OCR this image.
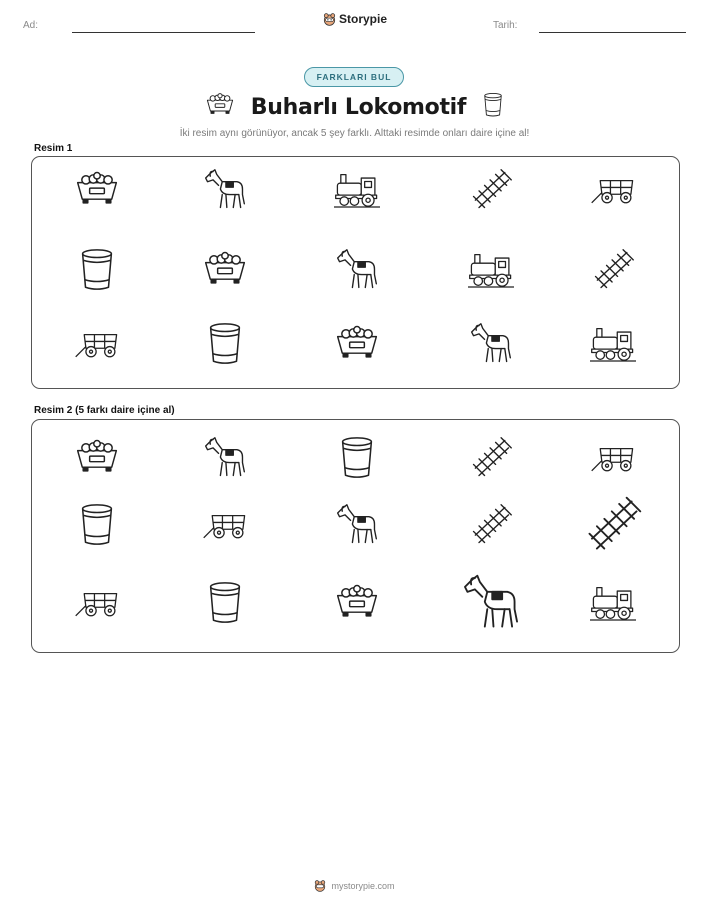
Ad:	Storypie	Tarih:
FARKLARI BUL
Buharlı Lokomotif
İki resim aynı görünüyor, ancak 5 şey farklı. Alttaki resimde onları daire içine al!
Resim 1
Resim 2 (5 farkı daire içine al)
mystorypie.com
